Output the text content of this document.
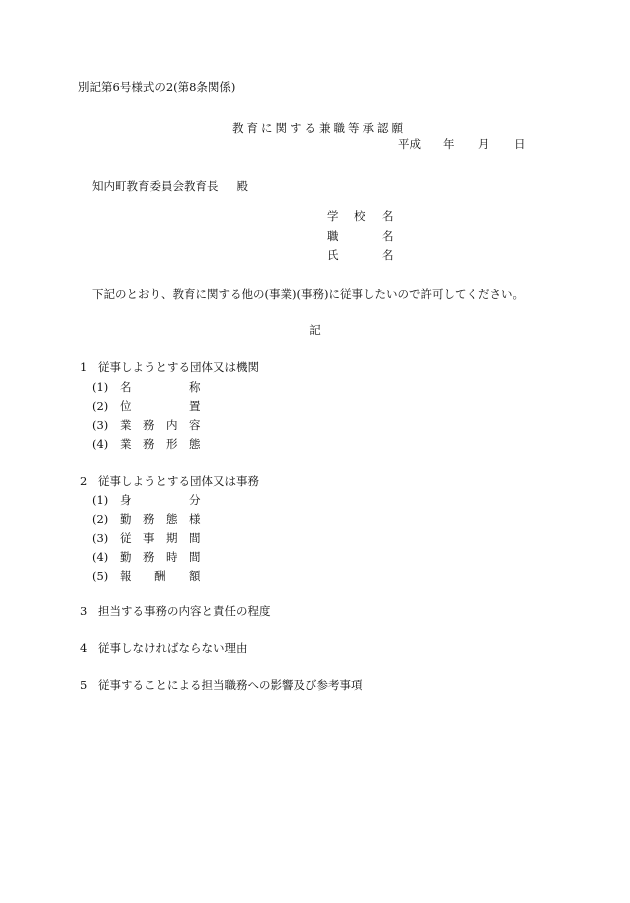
別記第6号様式の2(第8条関係)
教育に関する兼職等承認願
平成 年 月 日
知内町教育委員会教育長 殿
学 校 名
職	名
氏	名
下記のとおり、教育に関する他の(事業)(事務)に従事したいので許可してください。
記
1 従事しようとする団体又は機関
(1) 名	称
(2) 位	置
(3) 業 務 内 容
(4) 業 務 形 態
2 従事しようとする団体又は事務
(1) 身	分
(2) 勤 務 態 様
(3) 従 事 期 間
(4) 勤 務 時 間
(5) 報 酬 額
3 担当する事務の内容と責任の程度
4 従事しなければならない理由
5 従事することによる担当職務への影響及び参考事項
